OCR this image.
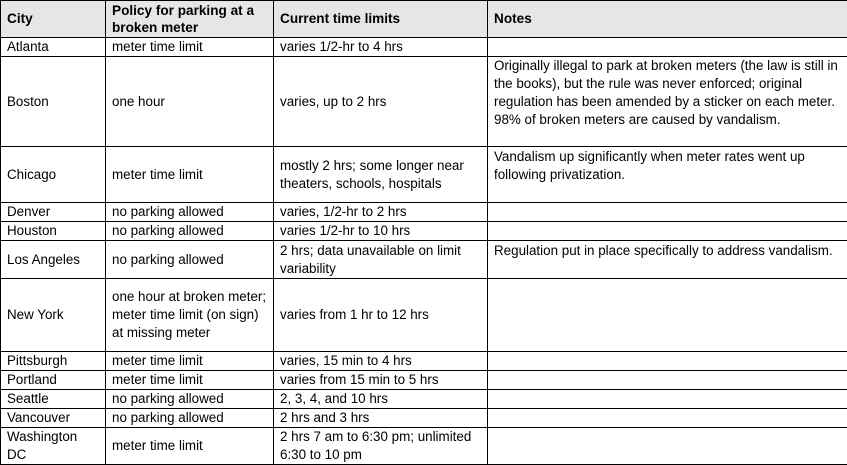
City	Policy for parking at a broken meter	Current time limits	Notes
Atlanta	meter time limit	varies 1/2-hr to 4 hrs	
Boston	one hour	varies, up to 2 hrs	Originally illegal to park at broken meters (the law is still in the books), but the rule was never enforced; original regulation has been amended by a sticker on each meter. 98% of broken meters are caused by vandalism.
Chicago	meter time limit	mostly 2 hrs; some longer near theaters, schools, hospitals	Vandalism up significantly when meter rates went up following privatization.
Denver	no parking allowed	varies, 1/2-hr to 2 hrs	
Houston	no parking allowed	varies 1/2-hr to 10 hrs	
Los Angeles	no parking allowed	2 hrs; data unavailable on limit variability	Regulation put in place specifically to address vandalism.
New York	one hour at broken meter; meter time limit (on sign) at missing meter	varies from 1 hr to 12 hrs	
Pittsburgh	meter time limit	varies, 15 min to 4 hrs	
Portland	meter time limit	varies from 15 min to 5 hrs	
Seattle	no parking allowed	2, 3, 4, and 10 hrs	
Vancouver	no parking allowed	2 hrs and 3 hrs	
Washington DC	meter time limit	2 hrs 7 am to 6:30 pm; unlimited 6:30 to 10 pm	
